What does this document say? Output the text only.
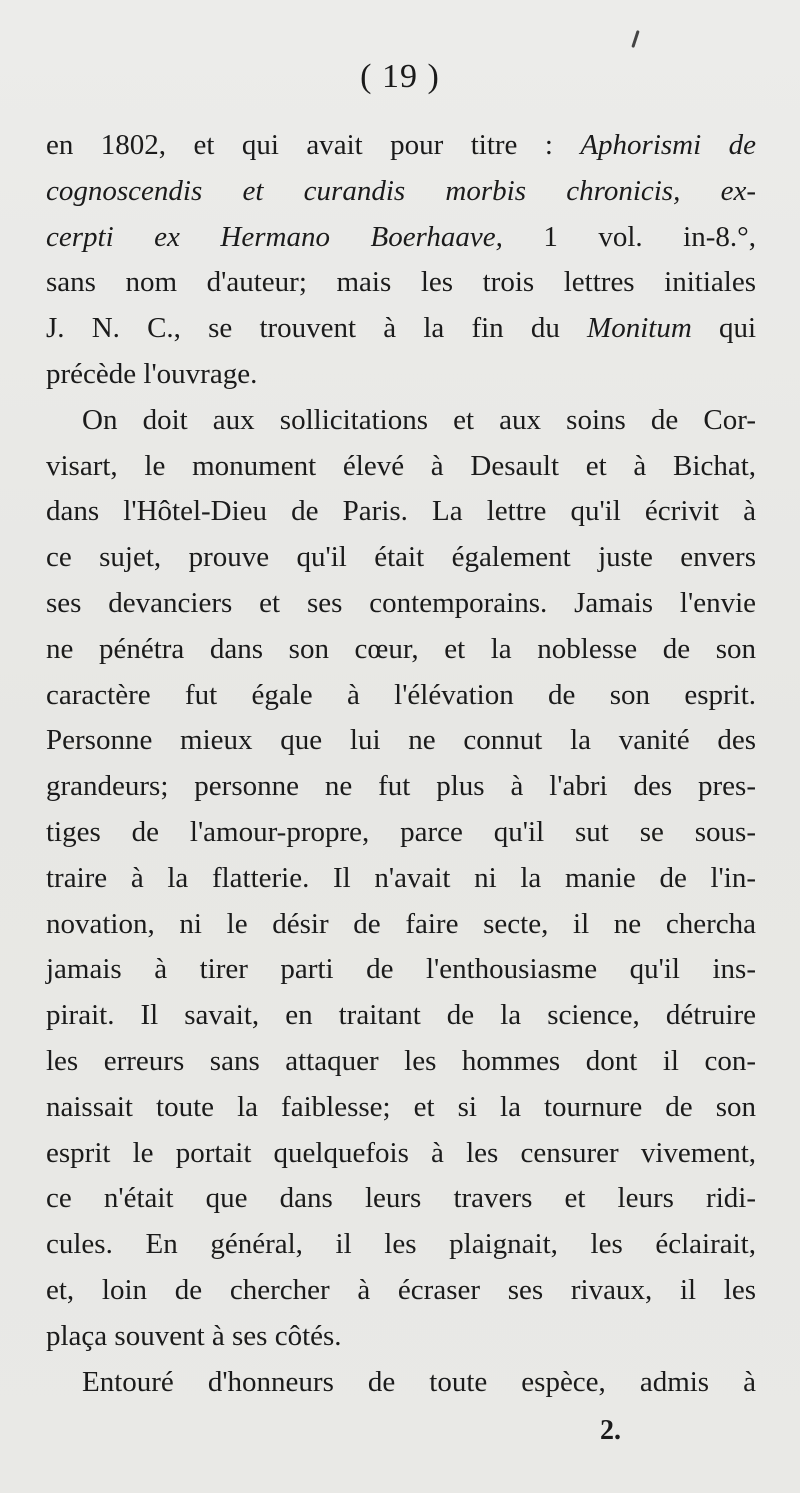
( 19 )
en 1802, et qui avait pour titre : Aphorismi de
cognoscendis et curandis morbis chronicis, ex-
cerpti ex Hermano Boerhaave, 1 vol. in-8.°,
sans nom d'auteur; mais les trois lettres initiales
J. N. C., se trouvent à la fin du Monitum qui
précède l'ouvrage.
On doit aux sollicitations et aux soins de Cor-
visart, le monument élevé à Desault et à Bichat,
dans l'Hôtel-Dieu de Paris. La lettre qu'il écrivit à
ce sujet, prouve qu'il était également juste envers
ses devanciers et ses contemporains. Jamais l'envie
ne pénétra dans son cœur, et la noblesse de son
caractère fut égale à l'élévation de son esprit.
Personne mieux que lui ne connut la vanité des
grandeurs; personne ne fut plus à l'abri des pres-
tiges de l'amour-propre, parce qu'il sut se sous-
traire à la flatterie. Il n'avait ni la manie de l'in-
novation, ni le désir de faire secte, il ne chercha
jamais à tirer parti de l'enthousiasme qu'il ins-
pirait. Il savait, en traitant de la science, détruire
les erreurs sans attaquer les hommes dont il con-
naissait toute la faiblesse; et si la tournure de son
esprit le portait quelquefois à les censurer vivement,
ce n'était que dans leurs travers et leurs ridi-
cules. En général, il les plaignait, les éclairait,
et, loin de chercher à écraser ses rivaux, il les
plaça souvent à ses côtés.
Entouré d'honneurs de toute espèce, admis à
2.
